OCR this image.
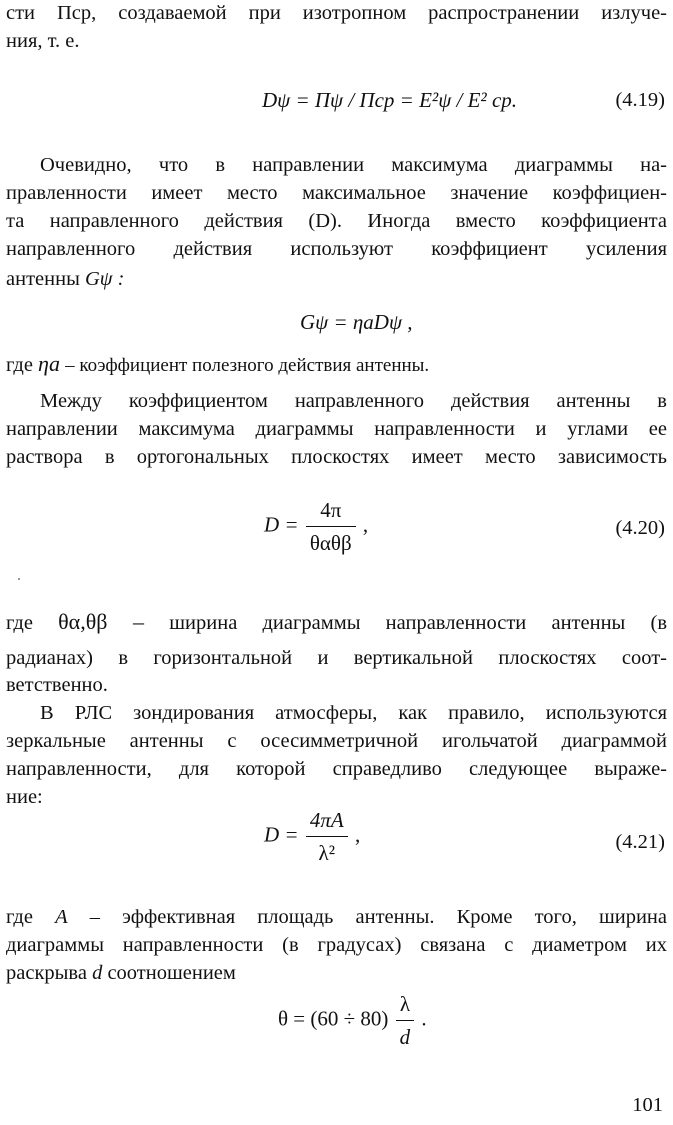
сти Пср, создаваемой при изотропном распространении излуче-
ния, т. е.
Dψ = Пψ / Пср = E²ψ / E² ср.	(4.19)
Очевидно, что в направлении максимума диаграммы на-
правленности имеет место максимальное значение коэффициен-
та направленного действия (D). Иногда вместо коэффициента
направленного действия используют коэффициент усиления
антенны Gψ :
Gψ = ηaDψ ,
где ηa – коэффициент полезного действия антенны.
Между коэффициентом направленного действия антенны в
направлении максимума диаграммы направленности и углами ее
раствора в ортогональных плоскостях имеет место зависимость
$D = \frac{4\pi}{\text{θαθβ}}$ ,	(4.20)
где θα,θβ – ширина диаграммы направленности антенны (в
радианах) в горизонтальной и вертикальной плоскостях соот-
ветственно.
В РЛС зондирования атмосферы, как правило, используются
зеркальные антенны с осесимметричной игольчатой диаграммой
направленности, для которой справедливо следующее выраже-
ние:
$D = \frac{4\pi A}{\text{λ²}}$ ,	(4.21)
где A – эффективная площадь антенны. Кроме того, ширина
диаграммы направленности (в градусах) связана с диаметром их
раскрыва d соотношением
$\theta = (60 \div 80) \frac{\lambda}{d}$ .
101
